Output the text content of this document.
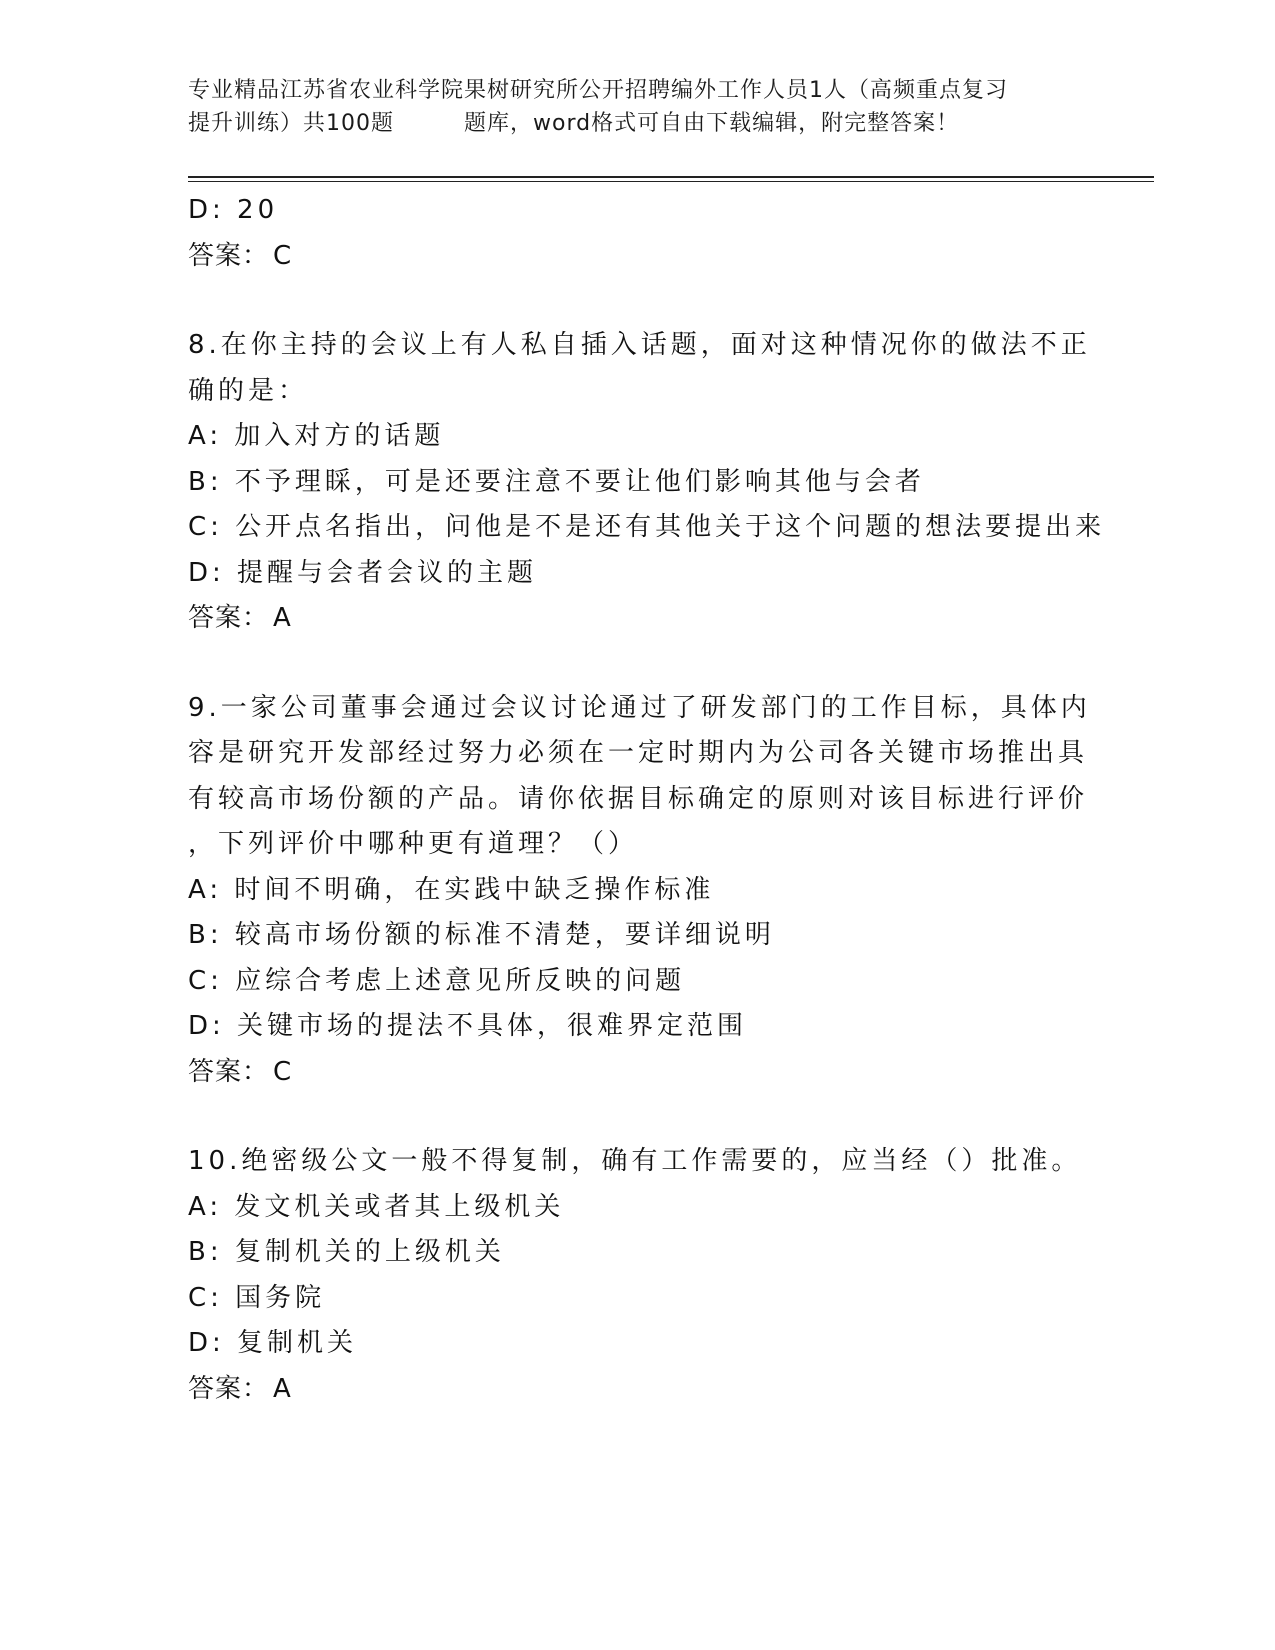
专业精品江苏省农业科学院果树研究所公开招聘编外工作人员1人（高频重点复习
提升训练）共100题	题库，word格式可自由下载编辑，附完整答案！
D: 20
答案： C
8.在你主持的会议上有人私自插入话题，面对这种情况你的做法不正
确的是：
A: 加入对方的话题
B: 不予理睬，可是还要注意不要让他们影响其他与会者
C: 公开点名指出，问他是不是还有其他关于这个问题的想法要提出来
D: 提醒与会者会议的主题
答案： A
9.一家公司董事会通过会议讨论通过了研发部门的工作目标，具体内
容是研究开发部经过努力必须在一定时期内为公司各关键市场推出具
有较高市场份额的产品。请你依据目标确定的原则对该目标进行评价
，下列评价中哪种更有道理？（）
A: 时间不明确，在实践中缺乏操作标准
B: 较高市场份额的标准不清楚，要详细说明
C: 应综合考虑上述意见所反映的问题
D: 关键市场的提法不具体，很难界定范围
答案： C
10.绝密级公文一般不得复制，确有工作需要的，应当经（）批准。
A: 发文机关或者其上级机关
B: 复制机关的上级机关
C: 国务院
D: 复制机关
答案： A
